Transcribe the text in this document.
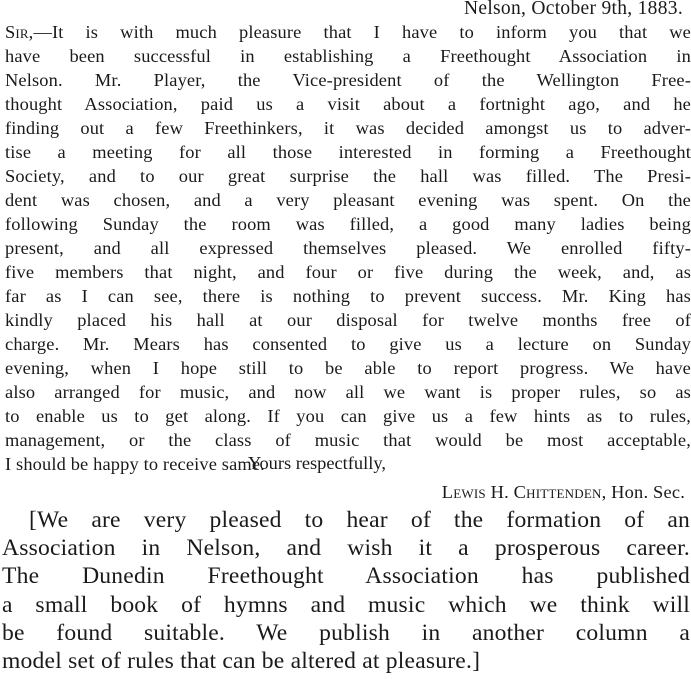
Nelson, October 9th, 1883.
Sir,—It is with much pleasure that I have to inform you that we
have been successful in establishing a Freethought Association in
Nelson. Mr. Player, the Vice-president of the Wellington Free-
thought Association, paid us a visit about a fortnight ago, and he
finding out a few Freethinkers, it was decided amongst us to adver-
tise a meeting for all those interested in forming a Freethought
Society, and to our great surprise the hall was filled. The Presi-
dent was chosen, and a very pleasant evening was spent. On the
following Sunday the room was filled, a good many ladies being
present, and all expressed themselves pleased. We enrolled fifty-
five members that night, and four or five during the week, and, as
far as I can see, there is nothing to prevent success. Mr. King has
kindly placed his hall at our disposal for twelve months free of
charge. Mr. Mears has consented to give us a lecture on Sunday
evening, when I hope still to be able to report progress. We have
also arranged for music, and now all we want is proper rules, so as
to enable us to get along. If you can give us a few hints as to rules,
management, or the class of music that would be most acceptable,
I should be happy to receive same.
Yours respectfully,
Lewis H. Chittenden, Hon. Sec.
[We are very pleased to hear of the formation of an
Association in Nelson, and wish it a prosperous career.
The Dunedin Freethought Association has published
a small book of hymns and music which we think will
be found suitable. We publish in another column a
model set of rules that can be altered at pleasure.]
